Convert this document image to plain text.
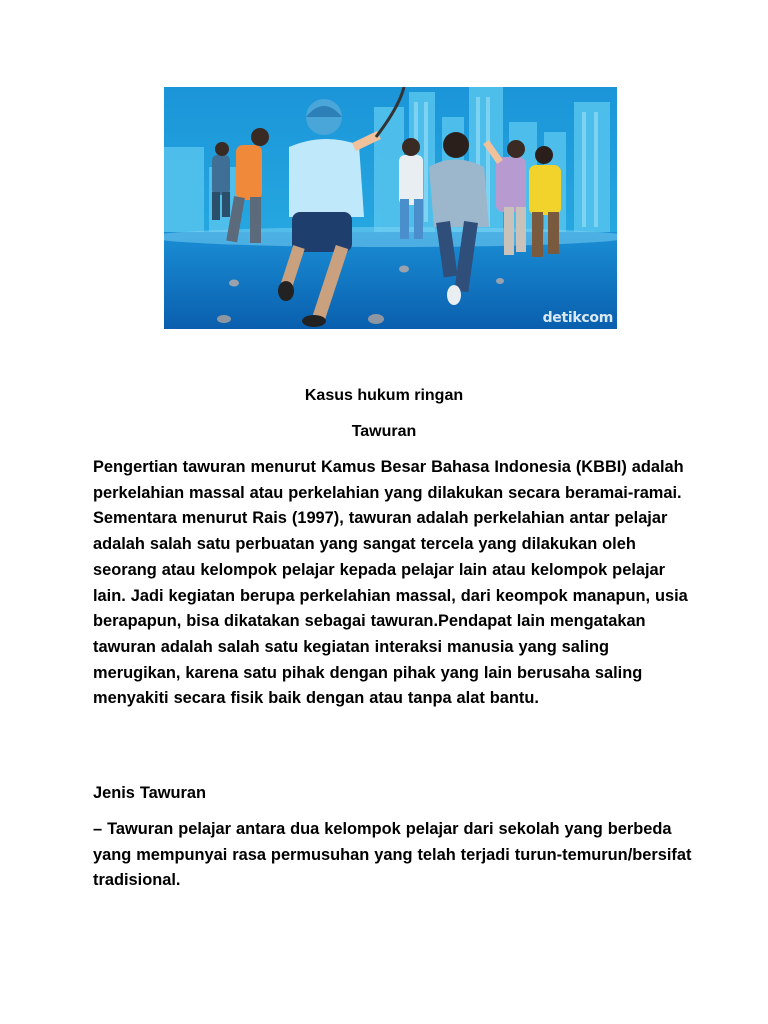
detikcom
Kasus hukum ringan
Tawuran

Pengertian tawuran menurut Kamus Besar Bahasa Indonesia (KBBI) adalah perkelahian massal atau perkelahian yang dilakukan secara beramai-ramai. Sementara menurut Rais (1997), tawuran adalah perkelahian antar pelajar adalah salah satu perbuatan yang sangat tercela yang dilakukan oleh seorang atau kelompok pelajar kepada pelajar lain atau kelompok pelajar lain. Jadi kegiatan berupa perkelahian massal, dari keompok manapun, usia berapapun, bisa dikatakan sebagai tawuran.Pendapat lain mengatakan tawuran adalah salah satu kegiatan interaksi manusia yang saling merugikan, karena satu pihak dengan pihak yang lain berusaha saling menyakiti secara fisik baik dengan atau tanpa alat bantu.

Jenis Tawuran

– Tawuran pelajar antara dua kelompok pelajar dari sekolah yang berbeda yang mempunyai rasa permusuhan yang telah terjadi turun-temurun/bersifat tradisional.
